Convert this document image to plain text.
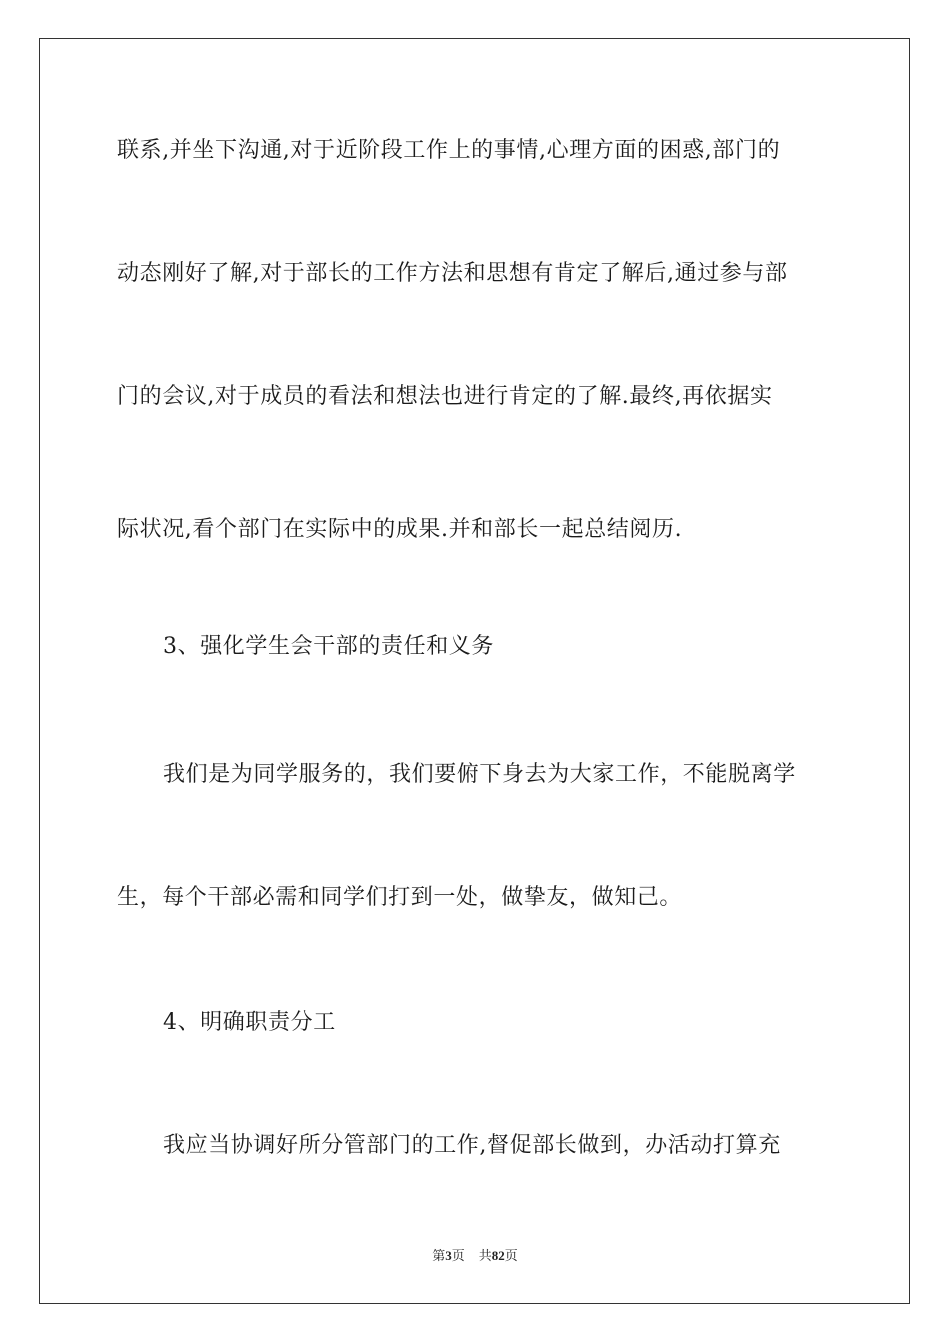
联系,并坐下沟通,对于近阶段工作上的事情,心理方面的困惑,部门的
动态刚好了解,对于部长的工作方法和思想有肯定了解后,通过参与部
门的会议,对于成员的看法和想法也进行肯定的了解.最终,再依据实
际状况,看个部门在实际中的成果.并和部长一起总结阅历.
3、强化学生会干部的责任和义务
我们是为同学服务的，我们要俯下身去为大家工作，不能脱离学
生，每个干部必需和同学们打到一处，做挚友，做知己。
4、明确职责分工
我应当协调好所分管部门的工作,督促部长做到，办活动打算充
第3页 共82页
